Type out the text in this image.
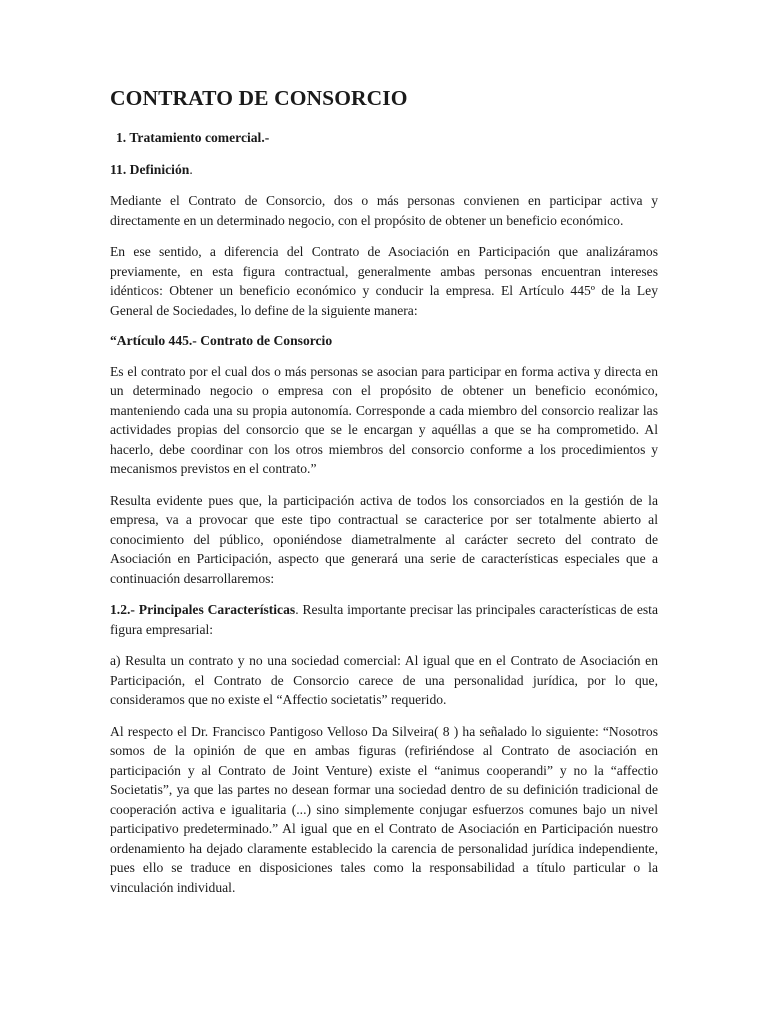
CONTRATO DE CONSORCIO

1. Tratamiento comercial.-

11. Definición.

Mediante el Contrato de Consorcio, dos o más personas convienen en participar activa y directamente en un determinado negocio, con el propósito de obtener un beneficio económico.

En ese sentido, a diferencia del Contrato de Asociación en Participación que analizáramos previamente, en esta figura contractual, generalmente ambas personas encuentran intereses idénticos: Obtener un beneficio económico y conducir la empresa. El Artículo 445º de la Ley General de Sociedades, lo define de la siguiente manera:

“Artículo 445.- Contrato de Consorcio

Es el contrato por el cual dos o más personas se asocian para participar en forma activa y directa en un determinado negocio o empresa con el propósito de obtener un beneficio económico, manteniendo cada una su propia autonomía. Corresponde a cada miembro del consorcio realizar las actividades propias del consorcio que se le encargan y aquéllas a que se ha comprometido. Al hacerlo, debe coordinar con los otros miembros del consorcio conforme a los procedimientos y mecanismos previstos en el contrato.”

Resulta evidente pues que, la participación activa de todos los consorciados en la gestión de la empresa, va a provocar que este tipo contractual se caracterice por ser totalmente abierto al conocimiento del público, oponiéndose diametralmente al carácter secreto del contrato de Asociación en Participación, aspecto que generará una serie de características especiales que a continuación desarrollaremos:

1.2.- Principales Características. Resulta importante precisar las principales características de esta figura empresarial:

a) Resulta un contrato y no una sociedad comercial: Al igual que en el Contrato de Asociación en Participación, el Contrato de Consorcio carece de una personalidad jurídica, por lo que, consideramos que no existe el “Affectio societatis” requerido.

Al respecto el Dr. Francisco Pantigoso Velloso Da Silveira( 8 ) ha señalado lo siguiente: “Nosotros somos de la opinión de que en ambas figuras (refiriéndose al Contrato de asociación en participación y al Contrato de Joint Venture) existe el “animus cooperandi” y no la “affectio Societatis”, ya que las partes no desean formar una sociedad dentro de su definición tradicional de cooperación activa e igualitaria (...) sino simplemente conjugar esfuerzos comunes bajo un nivel participativo predeterminado.” Al igual que en el Contrato de Asociación en Participación nuestro ordenamiento ha dejado claramente establecido la carencia de personalidad jurídica independiente, pues ello se traduce en disposiciones tales como la responsabilidad a título particular o la vinculación individual.
